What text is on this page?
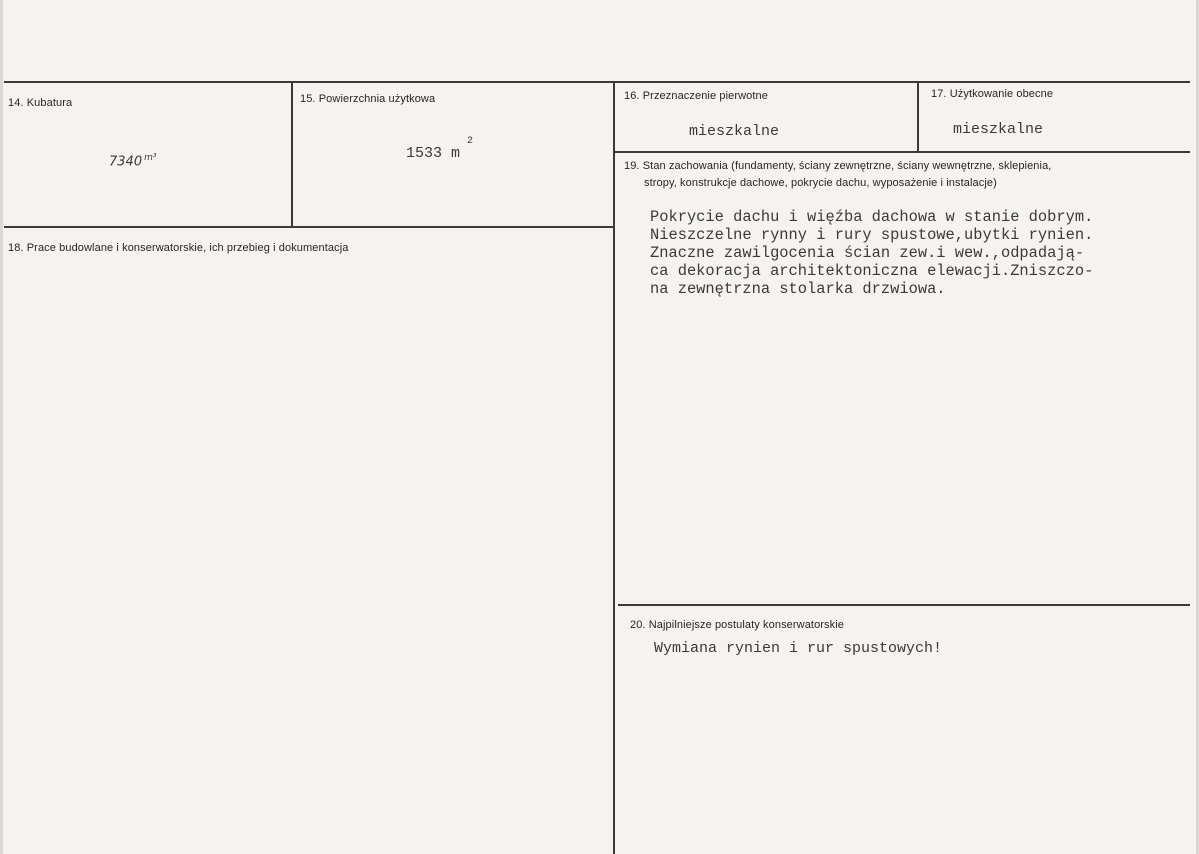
14. Kubatura
7340 $^{m^3}$
15. Powierzchnia użytkowa
1533 m
2
16. Przeznaczenie pierwotne
mieszkalne
17. Użytkowanie obecne
mieszkalne
18. Prace budowlane i konserwatorskie, ich przebieg i dokumentacja
19. Stan zachowania (fundamenty, ściany zewnętrzne, ściany wewnętrzne, sklepienia,
stropy, konstrukcje dachowe, pokrycie dachu, wyposażenie i instalacje)
Pokrycie dachu i więźba dachowa w stanie dobrym.
Nieszczelne rynny i rury spustowe,ubytki rynien.
Znaczne zawilgocenia ścian zew.i wew.,odpadają-
ca dekoracja architektoniczna elewacji.Zniszczo-
na zewnętrzna stolarka drzwiowa.
20. Najpilniejsze postulaty konserwatorskie
Wymiana rynien i rur spustowych!
